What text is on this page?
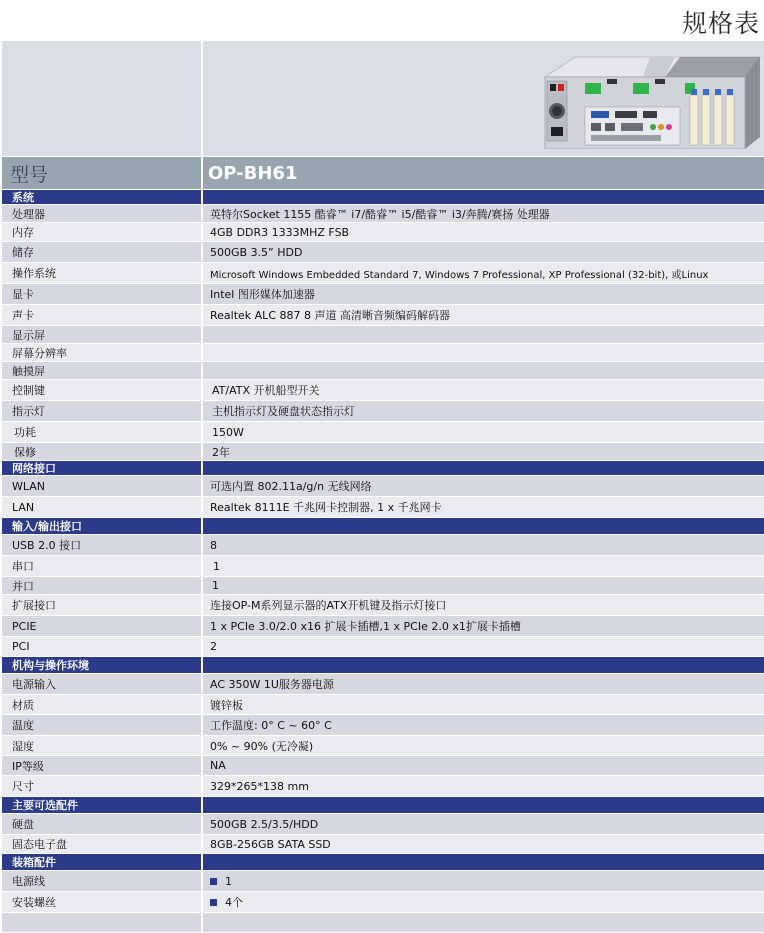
规格表
型号	OP-BH61
系统
处理器	英特尔Socket 1155 酷睿™ i7/酷睿™ i5/酷睿™ i3/奔腾/赛扬 处理器
内存	4GB DDR3 1333MHZ FSB
储存	500GB 3.5” HDD
操作系统	Microsoft Windows Embedded Standard 7, Windows 7 Professional, XP Professional (32-bit), 或Linux
显卡	Intel 图形媒体加速器
声卡	Realtek ALC 887 8 声道 高清晰音频编码解码器
显示屏
屏幕分辨率
触摸屏
控制键	AT/ATX 开机船型开关
指示灯	主机指示灯及硬盘状态指示灯
功耗	150W
保修	2年
网络接口
WLAN	可选内置 802.11a/g/n 无线网络
LAN	Realtek 8111E 千兆网卡控制器, 1 x 千兆网卡
输入/输出接口
USB 2.0 接口	8
串口	1
并口	1
扩展接口	连接OP-M系列显示器的ATX开机键及指示灯接口
PCIE	1 x PCIe 3.0/2.0 x16 扩展卡插槽,1 x PCIe 2.0 x1扩展卡插槽
PCI	2
机构与操作环境
电源输入	AC 350W 1U服务器电源
材质	镀锌板
温度	工作温度: 0° C ~ 60° C
湿度	0% ~ 90% (无冷凝)
IP等级	NA
尺寸	329*265*138 mm
主要可选配件
硬盘	500GB 2.5/3.5/HDD
固态电子盘	8GB-256GB SATA SSD
装箱配件
电源线	1
安装螺丝	4个
